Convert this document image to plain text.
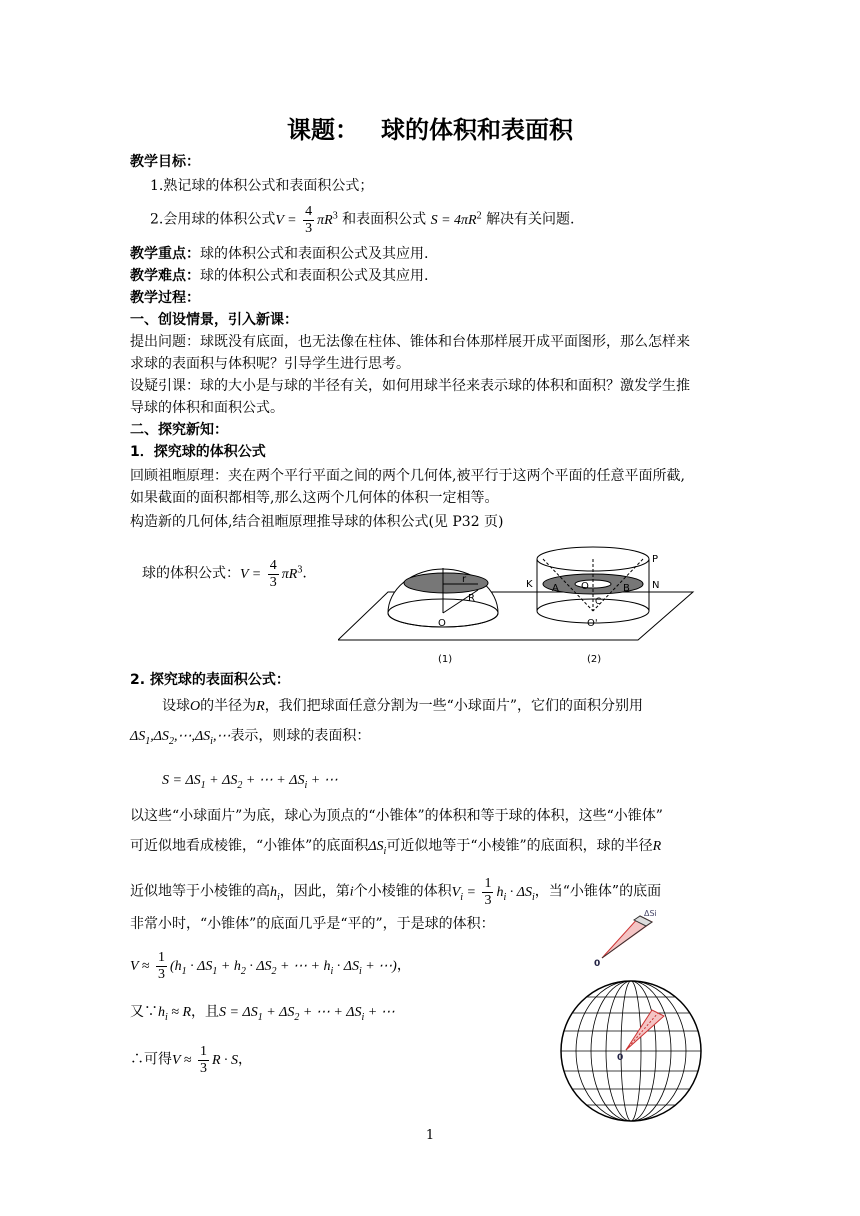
课题： 球的体积和表面积
教学目标：
1.熟记球的体积公式和表面积公式；
2.会用球的体积公式$V = \frac{4}{3} \pi R^3$ 和表面积公式 $S = 4\pi R^2$ 解决有关问题.
教学重点：球的体积公式和表面积公式及其应用.
教学难点：球的体积公式和表面积公式及其应用.
教学过程：
一、创设情景，引入新课：
提出问题：球既没有底面，也无法像在柱体、锥体和台体那样展开成平面图形，那么怎样来
求球的表面积与体积呢？引导学生进行思考。
设疑引课：球的大小是与球的半径有关，如何用球半径来表示球的体积和面积？激发学生推
导球的体积和面积公式。
二、探究新知：
1．探究球的体积公式
回顾祖暅原理：夹在两个平行平面之间的两个几何体,被平行于这两个平面的任意平面所截,
如果截面的面积都相等,那么这两个几何体的体积一定相等。
构造新的几何体,结合祖暅原理推导球的体积公式(见 P32 页)
球的体积公式：$V = \frac{4}{3} \pi R^3$.	r
R
O
P
K A O	B N
C
O'
(1)	(2)
2. 探究球的表面积公式：
设球O的半径为R，我们把球面任意分割为一些“小球面片”，它们的面积分别用
$\Delta S_1,\Delta S_2,\cdots,\Delta S_i,\cdots$表示，则球的表面积：
$S = \Delta S_1 + \Delta S_2$ + ⋯ + $\Delta S_i$ + ⋯
以这些“小球面片”为底，球心为顶点的“小锥体”的体积和等于球的体积，这些“小锥体”
可近似地看成棱锥，“小锥体”的底面积$\Delta S_i$可近似地等于“小棱锥”的底面积，球的半径R
近似地等于小棱锥的高$h_i$，因此，第i个小棱锥的体积$V_i = \frac{1}{3} h_i \cdot \Delta S_i$，当“小锥体”的底面
非常小时，“小锥体”的底面几乎是“平的”，于是球的体积：
$V \approx \frac{1}{3} (h_1 \cdot \Delta S_1 + h_2 \cdot \Delta S_2$ + ⋯ + $h_i \cdot \Delta S_i$ + ⋯)，
又$\because h_i \approx R$，且$S = \Delta S_1 + \Delta S_2$ + ⋯ + $\Delta S_i$ + ⋯
∴可得$V \approx \frac{1}{3}$ R · S，
ΔSi
0
0
1
